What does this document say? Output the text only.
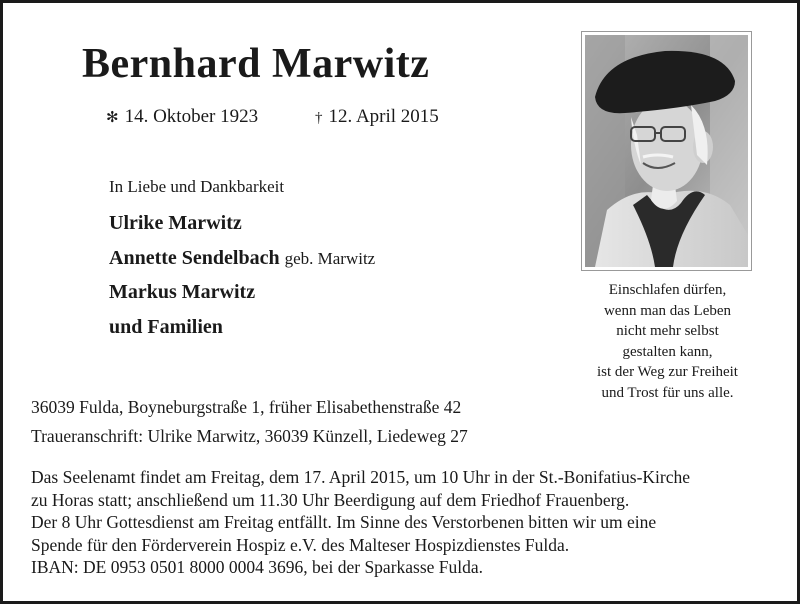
Bernhard Marwitz
✻ 14. Oktober 1923	† 12. April 2015
In Liebe und Dankbarkeit
Ulrike Marwitz
Annette Sendelbach geb. Marwitz
Markus Marwitz
und Familien
Einschlafen dürfen,
wenn man das Leben
nicht mehr selbst
gestalten kann,
ist der Weg zur Freiheit
und Trost für uns alle.
36039 Fulda, Boyneburgstraße 1, früher Elisabethenstraße 42
Traueranschrift: Ulrike Marwitz, 36039 Künzell, Liedeweg 27
Das Seelenamt findet am Freitag, dem 17. April 2015, um 10 Uhr in der St.-Bonifatius-Kirche
zu Horas statt; anschließend um 11.30 Uhr Beerdigung auf dem Friedhof Frauenberg.
Der 8 Uhr Gottesdienst am Freitag entfällt. Im Sinne des Verstorbenen bitten wir um eine
Spende für den Förderverein Hospiz e.V. des Malteser Hospizdienstes Fulda.
IBAN: DE 0953 0501 8000 0004 3696, bei der Sparkasse Fulda.
